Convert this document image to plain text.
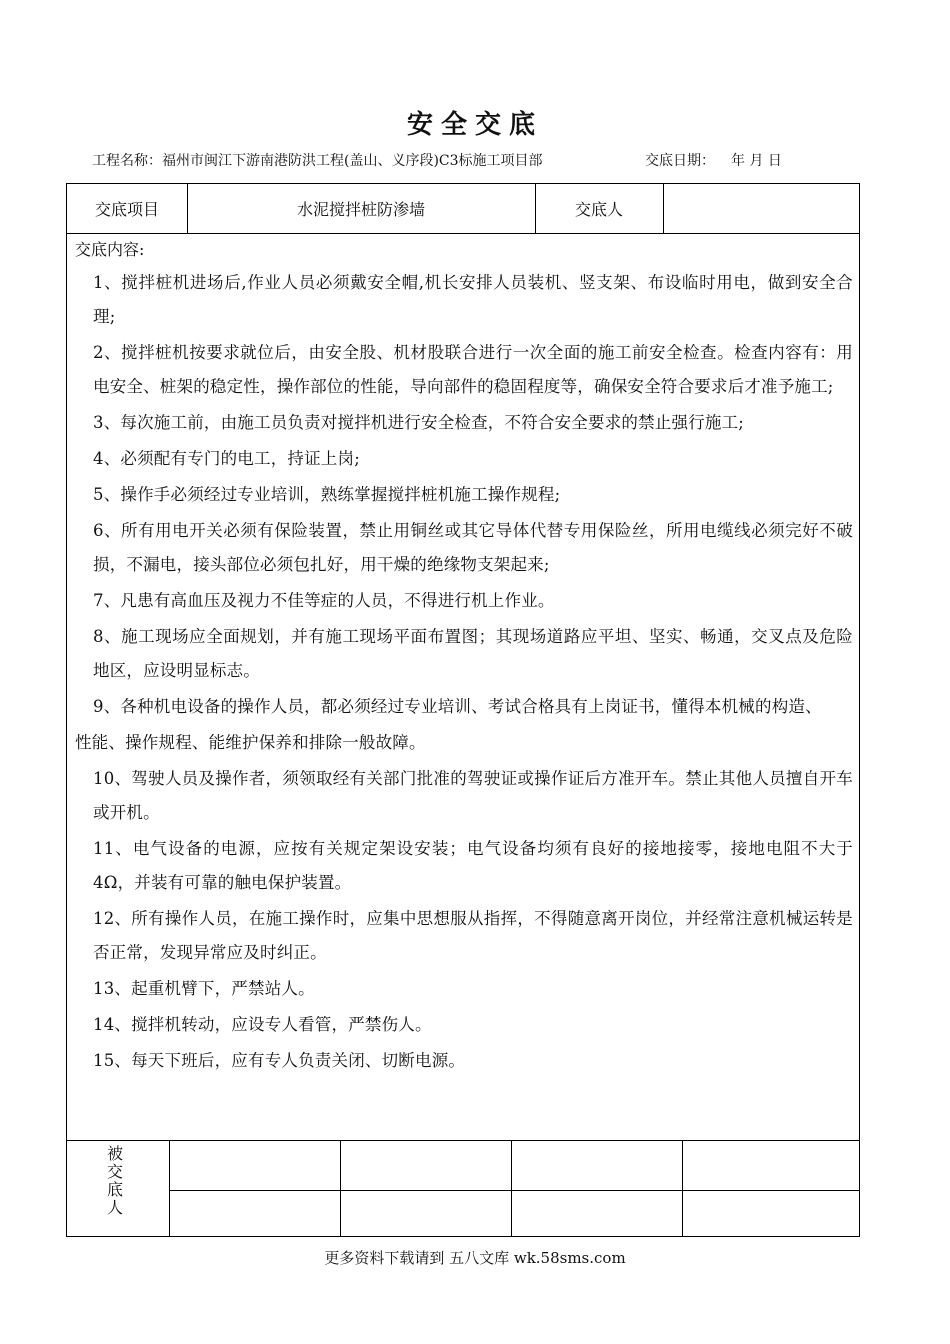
安全交底
工程名称：福州市闽江下游南港防洪工程(盖山、义序段)C3标施工项目部	交底日期： 年 月 日
交底项目	水泥搅拌桩防渗墙	交底人
交底内容:
1、搅拌桩机进场后,作业人员必须戴安全帽,机长安排人员装机、竖支架、布设临时用电，做到安全合理;
2、搅拌桩机按要求就位后，由安全股、机材股联合进行一次全面的施工前安全检查。检查内容有：用电安全、桩架的稳定性，操作部位的性能，导向部件的稳固程度等，确保安全符合要求后才准予施工;
3、每次施工前，由施工员负责对搅拌机进行安全检查，不符合安全要求的禁止强行施工;
4、必须配有专门的电工，持证上岗;
5、操作手必须经过专业培训，熟练掌握搅拌桩机施工操作规程;
6、所有用电开关必须有保险装置，禁止用铜丝或其它导体代替专用保险丝，所用电缆线必须完好不破损，不漏电，接头部位必须包扎好，用干燥的绝缘物支架起来;
7、凡患有高血压及视力不佳等症的人员，不得进行机上作业。
8、施工现场应全面规划，并有施工现场平面布置图；其现场道路应平坦、坚实、畅通，交叉点及危险地区，应设明显标志。
9、各种机电设备的操作人员，都必须经过专业培训、考试合格具有上岗证书，懂得本机械的构造、
性能、操作规程、能维护保养和排除一般故障。
10、驾驶人员及操作者，须领取经有关部门批准的驾驶证或操作证后方准开车。禁止其他人员擅自开车或开机。
11、电气设备的电源，应按有关规定架设安装；电气设备均须有良好的接地接零，接地电阻不大于 4Ω，并装有可靠的触电保护装置。
12、所有操作人员，在施工操作时，应集中思想服从指挥，不得随意离开岗位，并经常注意机械运转是否正常，发现异常应及时纠正。
13、起重机臂下，严禁站人。
14、搅拌机转动，应设专人看管，严禁伤人。
15、每天下班后，应有专人负责关闭、切断电源。
被交底人
更多资料下载请到 五八文库 wk.58sms.com
